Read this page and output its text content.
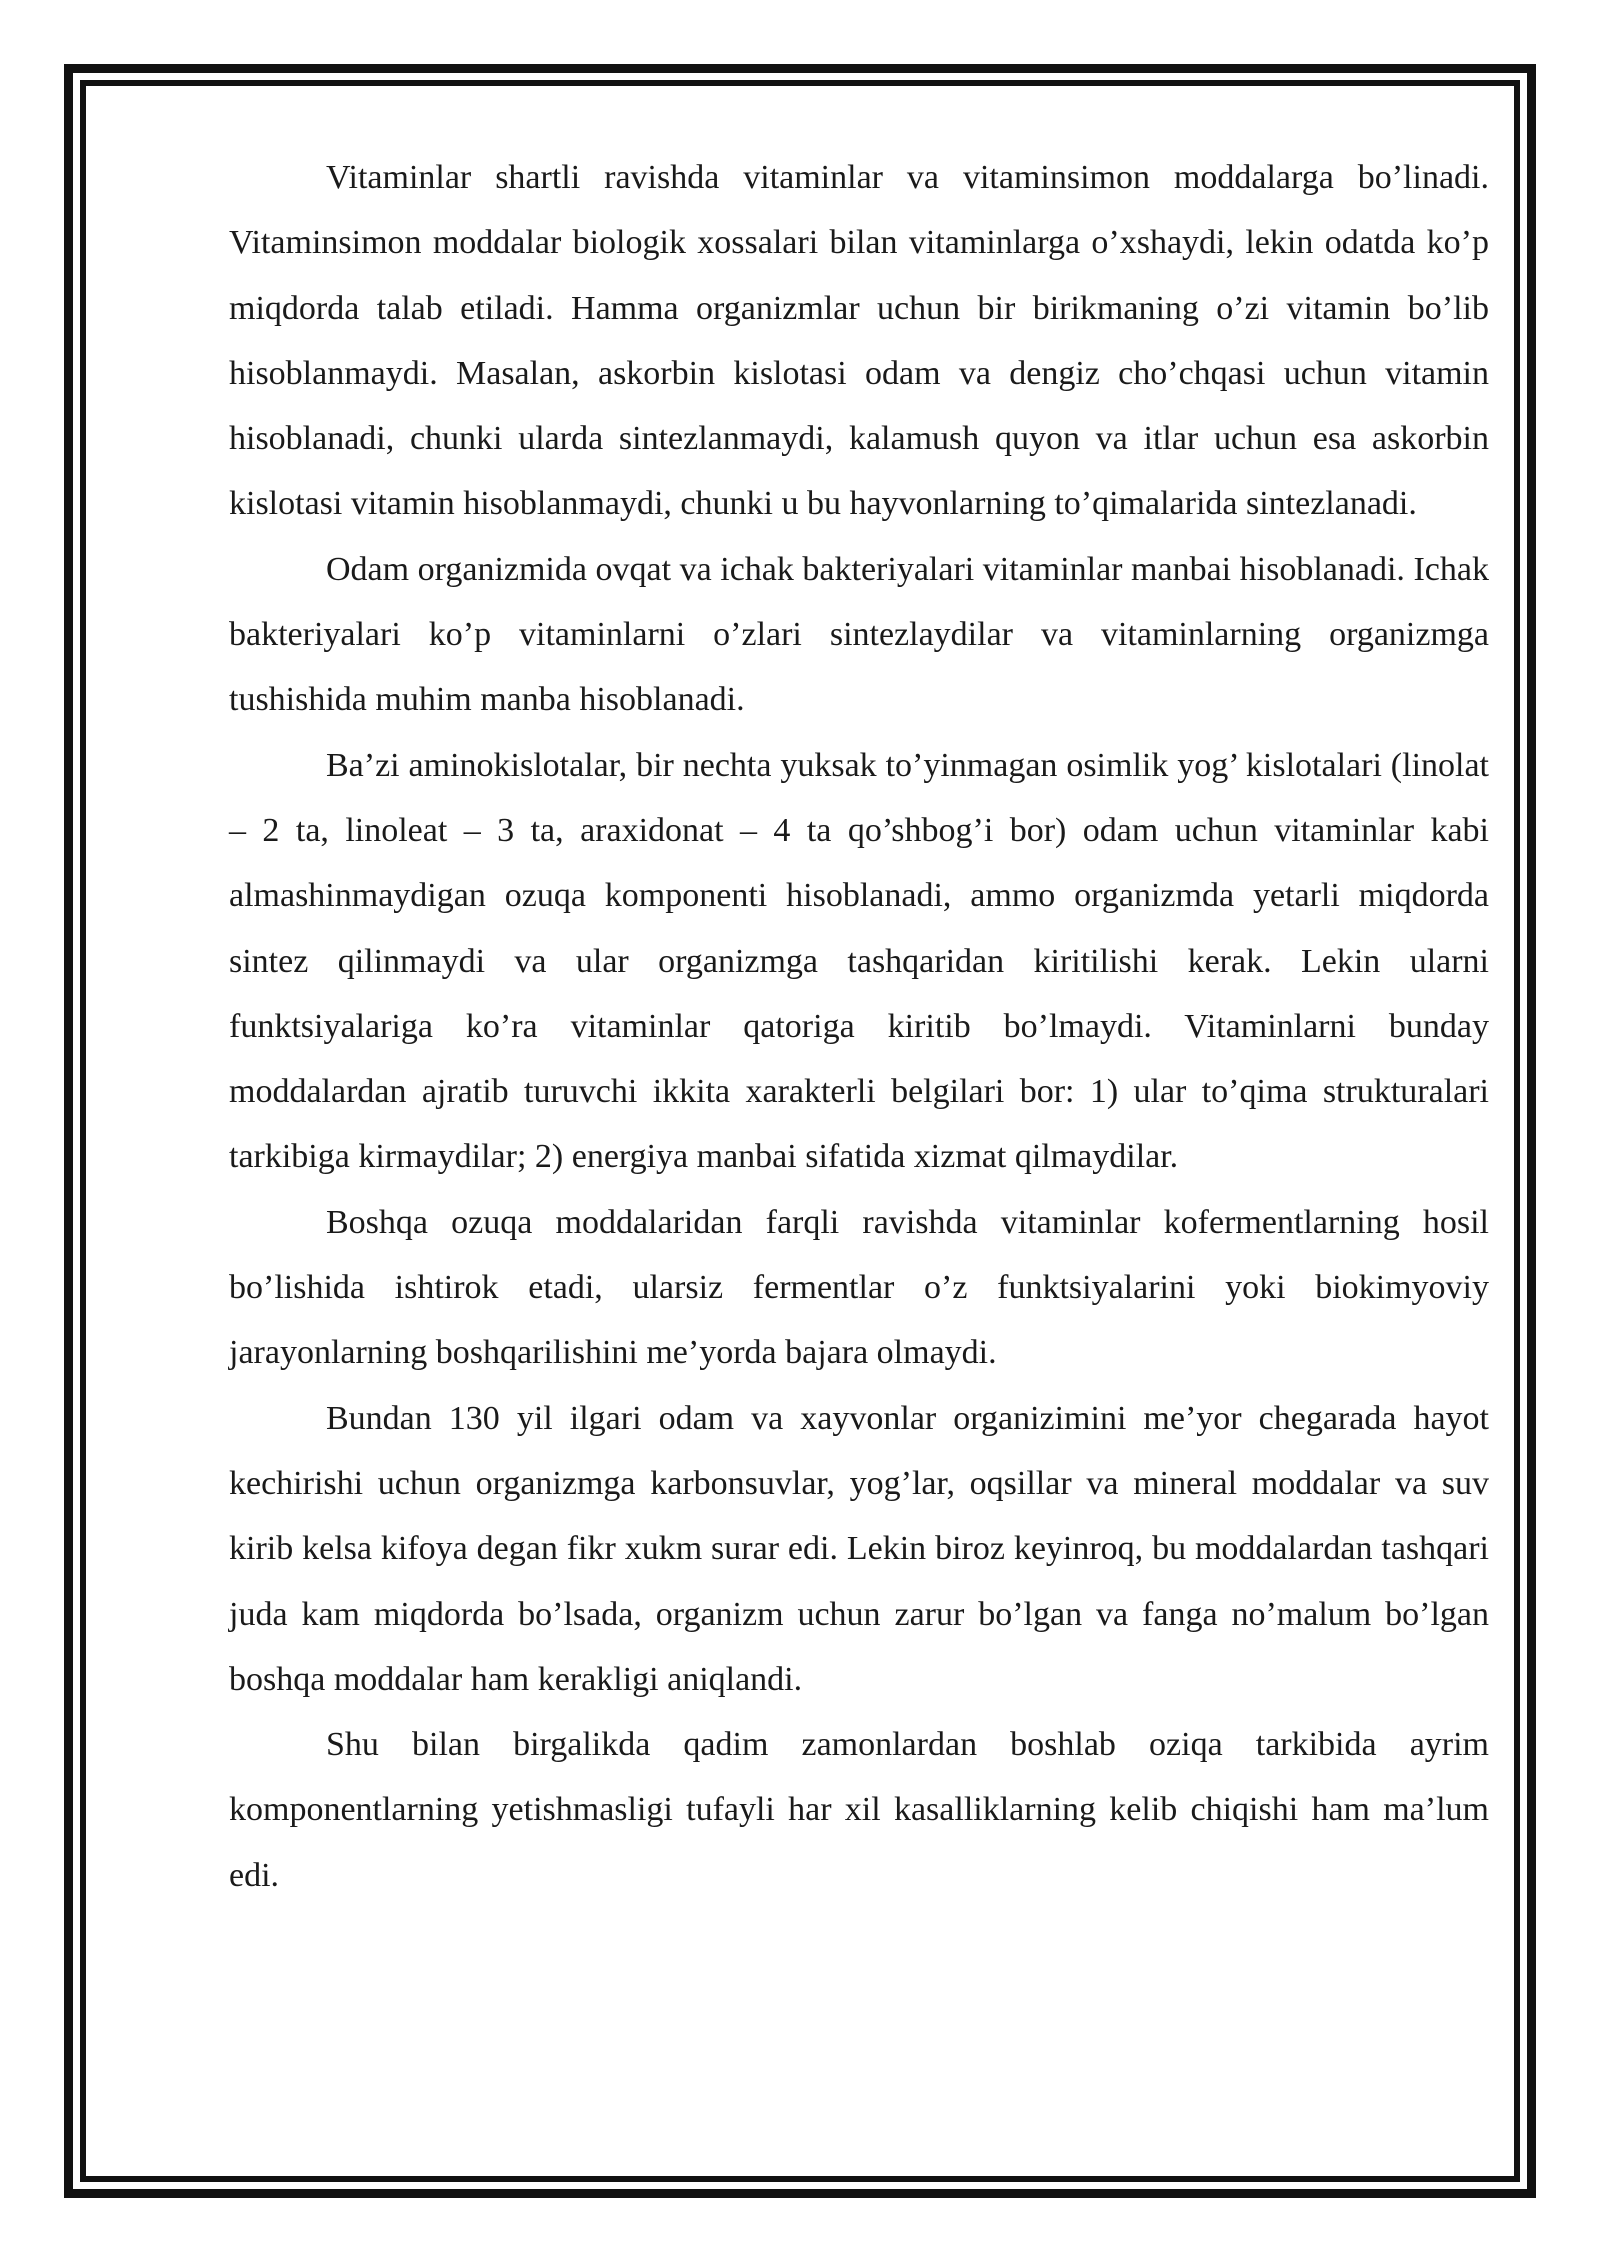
Vitaminlar shartli ravishda vitaminlar va vitaminsimon moddalarga bo’linadi. Vitaminsimon moddalar biologik xossalari bilan vitaminlarga o’xshaydi, lekin odatda ko’p miqdorda talab etiladi. Hamma organizmlar uchun bir birikmaning o’zi vitamin bo’lib hisoblanmaydi. Masalan, askorbin kislotasi odam va dengiz cho’chqasi uchun vitamin hisoblanadi, chunki ularda sintezlanmaydi, kalamush quyon va itlar uchun esa askorbin kislotasi vitamin hisoblanmaydi, chunki u bu hayvonlarning to’qimalarida sintezlanadi.

Odam organizmida ovqat va ichak bakteriyalari vitaminlar manbai hisoblanadi. Ichak bakteriyalari ko’p vitaminlarni o’zlari sintezlaydilar va vitaminlarning organizmga tushishida muhim manba hisoblanadi.

Ba’zi aminokislotalar, bir nechta yuksak to’yinmagan osimlik yog’ kislotalari (linolat – 2 ta, linoleat – 3 ta, araxidonat – 4 ta qo’shbog’i bor) odam uchun vitaminlar kabi almashinmaydigan ozuqa komponenti hisoblanadi, ammo organizmda yetarli miqdorda sintez qilinmaydi va ular organizmga tashqaridan kiritilishi kerak. Lekin ularni funktsiyalariga ko’ra vitaminlar qatoriga kiritib bo’lmaydi. Vitaminlarni bunday moddalardan ajratib turuvchi ikkita xarakterli belgilari bor: 1) ular to’qima strukturalari tarkibiga kirmaydilar; 2) energiya manbai sifatida xizmat qilmaydilar.

Boshqa ozuqa moddalaridan farqli ravishda vitaminlar kofermentlarning hosil bo’lishida ishtirok etadi, ularsiz fermentlar o’z funktsiyalarini yoki biokimyoviy jarayonlarning boshqarilishini me’yorda bajara olmaydi.

Bundan 130 yil ilgari odam va xayvonlar organizimini me’yor chegarada hayot kechirishi uchun organizmga karbonsuvlar, yog’lar, oqsillar va mineral moddalar va suv kirib kelsa kifoya degan fikr xukm surar edi. Lekin biroz keyinroq, bu moddalardan tashqari juda kam miqdorda bo’lsada, organizm uchun zarur bo’lgan va fanga no’malum bo’lgan boshqa moddalar ham kerakligi aniqlandi.

Shu bilan birgalikda qadim zamonlardan boshlab oziqa tarkibida ayrim komponentlarning yetishmasligi tufayli har xil kasalliklarning kelib chiqishi ham ma’lum edi.
